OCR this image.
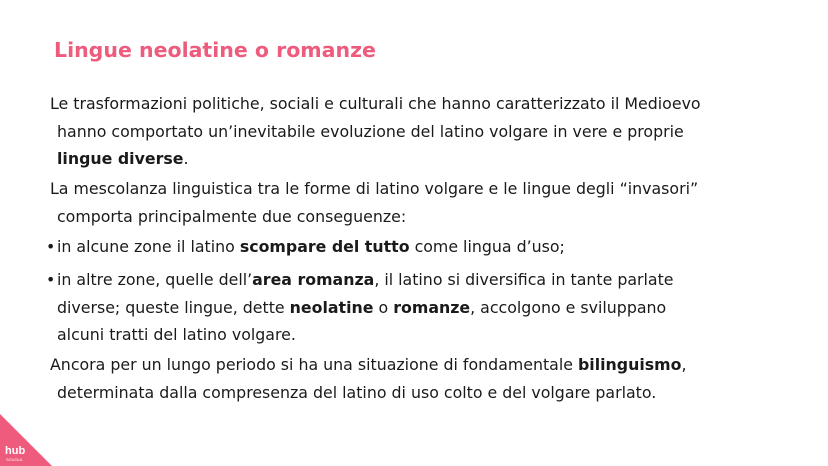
Lingue neolatine o romanze
Le trasformazioni politiche, sociali e culturali che hanno caratterizzato il Medioevo
hanno comportato un’inevitabile evoluzione del latino volgare in vere e proprie
lingue diverse.
La mescolanza linguistica tra le forme di latino volgare e le lingue degli “invasori”
comporta principalmente due conseguenze:
• in alcune zone il latino scompare del tutto come lingua d’uso;
• in altre zone, quelle dell’area romanza, il latino si diversifica in tante parlate
diverse; queste lingue, dette neolatine o romanze, accolgono e sviluppano
alcuni tratti del latino volgare.
Ancora per un lungo periodo si ha una situazione di fondamentale bilinguismo,
determinata dalla compresenza del latino di uso colto e del volgare parlato.
hub
SCUOLA
